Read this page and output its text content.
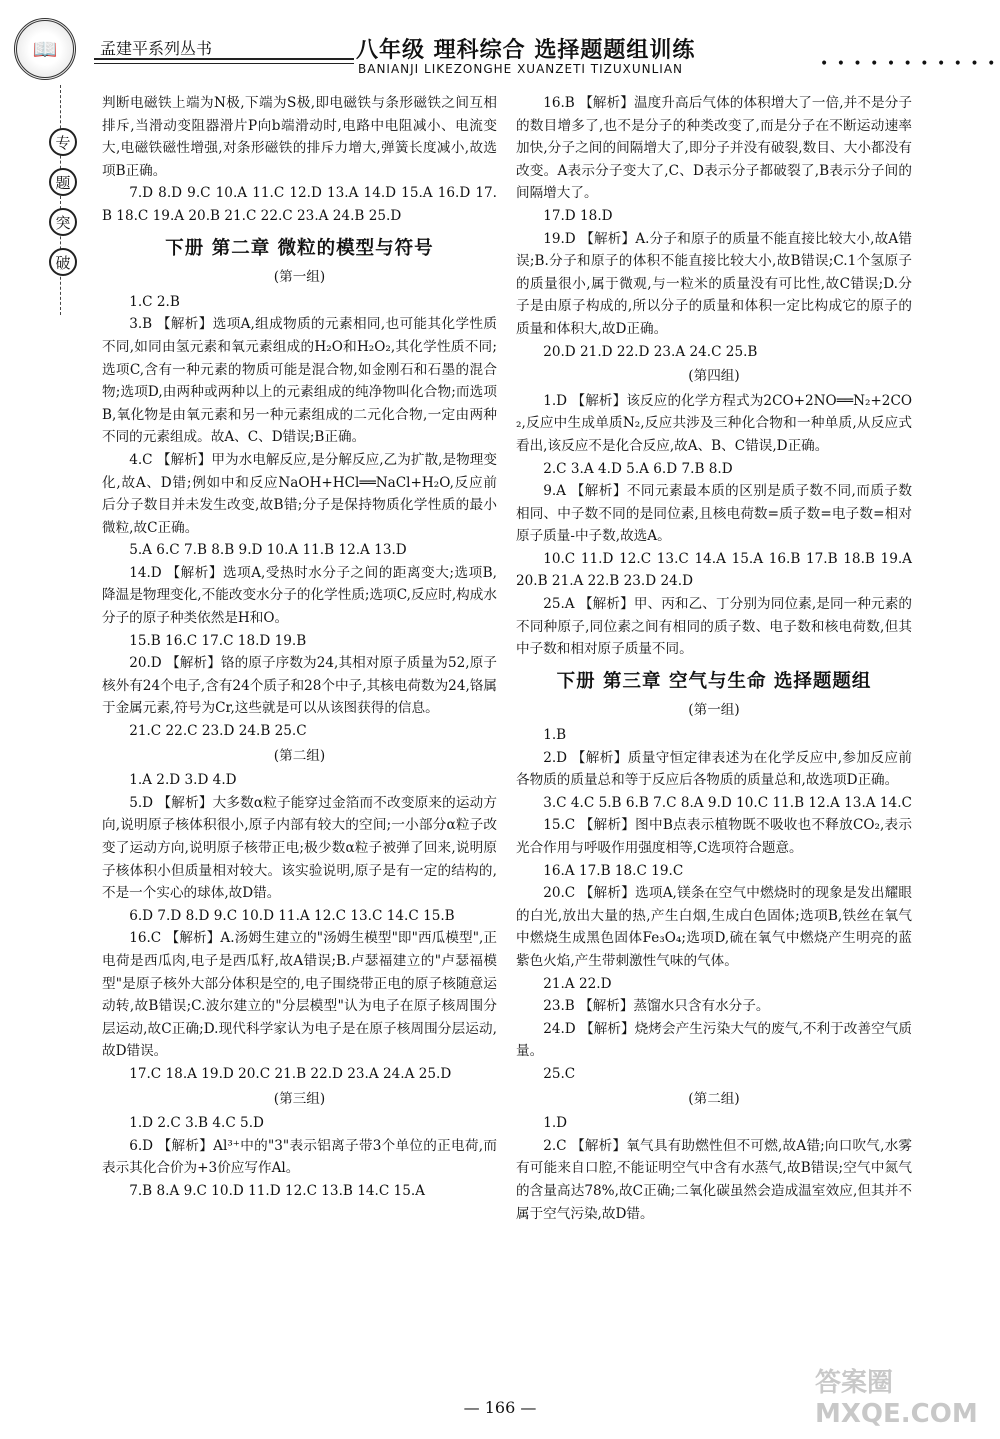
📖	孟建平系列丛书	八年级 理科综合 选择题题组训练
BANIANJI LIKEZONGHE XUANZETI TIZUXUNLIAN	• • • • • • • • • • •
专
题
突
破

判断电磁铁上端为N极,下端为S极,即电磁铁与条形磁铁之间互相排斥,当滑动变阻器滑片P向b端滑动时,电路中电阻减小、电流变大,电磁铁磁性增强,对条形磁铁的排斥力增大,弹簧长度减小,故选项B正确。

7.D 8.D 9.C 10.A 11.C 12.D 13.A 14.D 15.A 16.D 17.B 18.C 19.A 20.B 21.C 22.C 23.A 24.B 25.D

下册 第二章 微粒的模型与符号
(第一组)

1.C 2.B

3.B 【解析】选项A,组成物质的元素相同,也可能其化学性质不同,如同由氢元素和氧元素组成的H₂O和H₂O₂,其化学性质不同;选项C,含有一种元素的物质可能是混合物,如金刚石和石墨的混合物;选项D,由两种或两种以上的元素组成的纯净物叫化合物;而选项B,氧化物是由氧元素和另一种元素组成的二元化合物,一定由两种不同的元素组成。故A、C、D错误;B正确。

4.C 【解析】甲为水电解反应,是分解反应,乙为扩散,是物理变化,故A、D错;例如中和反应NaOH+HCl══NaCl+H₂O,反应前后分子数目并未发生改变,故B错;分子是保持物质化学性质的最小微粒,故C正确。

5.A 6.C 7.B 8.B 9.D 10.A 11.B 12.A 13.D

14.D 【解析】选项A,受热时水分子之间的距离变大;选项B,降温是物理变化,不能改变水分子的化学性质;选项C,反应时,构成水分子的原子种类依然是H和O。

15.B 16.C 17.C 18.D 19.B

20.D 【解析】铬的原子序数为24,其相对原子质量为52,原子核外有24个电子,含有24个质子和28个中子,其核电荷数为24,铬属于金属元素,符号为Cr,这些就是可以从该图获得的信息。

21.C 22.C 23.D 24.B 25.C

(第二组)

1.A 2.D 3.D 4.D

5.D 【解析】大多数α粒子能穿过金箔而不改变原来的运动方向,说明原子核体积很小,原子内部有较大的空间;一小部分α粒子改变了运动方向,说明原子核带正电;极少数α粒子被弹了回来,说明原子核体积小但质量相对较大。该实验说明,原子是有一定的结构的,不是一个实心的球体,故D错。

6.D 7.D 8.D 9.C 10.D 11.A 12.C 13.C 14.C 15.B

16.C 【解析】A.汤姆生建立的"汤姆生模型"即"西瓜模型",正电荷是西瓜肉,电子是西瓜籽,故A错误;B.卢瑟福建立的"卢瑟福模型"是原子核外大部分体积是空的,电子围绕带正电的原子核随意运动转,故B错误;C.波尔建立的"分层模型"认为电子在原子核周围分层运动,故C正确;D.现代科学家认为电子是在原子核周围分层运动,故D错误。

17.C 18.A 19.D 20.C 21.B 22.D 23.A 24.A 25.D

(第三组)

1.D 2.C 3.B 4.C 5.D

6.D 【解析】Al³⁺中的"3"表示铝离子带3个单位的正电荷,而表示其化合价为+3价应写作Al。

7.B 8.A 9.C 10.D 11.D 12.C 13.B 14.C 15.A

16.B 【解析】温度升高后气体的体积增大了一倍,并不是分子的数目增多了,也不是分子的种类改变了,而是分子在不断运动速率加快,分子之间的间隔增大了,即分子并没有破裂,数目、大小都没有改变。A表示分子变大了,C、D表示分子都破裂了,B表示分子间的间隔增大了。

17.D 18.D

19.D 【解析】A.分子和原子的质量不能直接比较大小,故A错误;B.分子和原子的体积不能直接比较大小,故B错误;C.1个氢原子的质量很小,属于微观,与一粒米的质量没有可比性,故C错误;D.分子是由原子构成的,所以分子的质量和体积一定比构成它的原子的质量和体积大,故D正确。

20.D 21.D 22.D 23.A 24.C 25.B

(第四组)

1.D 【解析】该反应的化学方程式为2CO+2NO══N₂+2CO₂,反应中生成单质N₂,反应共涉及三种化合物和一种单质,从反应式看出,该反应不是化合反应,故A、B、C错误,D正确。

2.C 3.A 4.D 5.A 6.D 7.B 8.D

9.A 【解析】不同元素最本质的区别是质子数不同,而质子数相同、中子数不同的是同位素,且核电荷数=质子数=电子数=相对原子质量-中子数,故选A。

10.C 11.D 12.C 13.C 14.A 15.A 16.B 17.B 18.B 19.A 20.B 21.A 22.B 23.D 24.D

25.A 【解析】甲、丙和乙、丁分别为同位素,是同一种元素的不同种原子,同位素之间有相同的质子数、电子数和核电荷数,但其中子数和相对原子质量不同。

下册 第三章 空气与生命 选择题题组
(第一组)

1.B

2.D 【解析】质量守恒定律表述为在化学反应中,参加反应前各物质的质量总和等于反应后各物质的质量总和,故选项D正确。

3.C 4.C 5.B 6.B 7.C 8.A 9.D 10.C 11.B 12.A 13.A 14.C

15.C 【解析】图中B点表示植物既不吸收也不释放CO₂,表示光合作用与呼吸作用强度相等,C选项符合题意。

16.A 17.B 18.C 19.C

20.C 【解析】选项A,镁条在空气中燃烧时的现象是发出耀眼的白光,放出大量的热,产生白烟,生成白色固体;选项B,铁丝在氧气中燃烧生成黑色固体Fe₃O₄;选项D,硫在氧气中燃烧产生明亮的蓝紫色火焰,产生带刺激性气味的气体。

21.A 22.D

23.B 【解析】蒸馏水只含有水分子。

24.D 【解析】烧烤会产生污染大气的废气,不利于改善空气质量。

25.C

(第二组)

1.D

2.C 【解析】氧气具有助燃性但不可燃,故A错;向口吹气,水雾有可能来自口腔,不能证明空气中含有水蒸气,故B错误;空气中氮气的含量高达78%,故C正确;二氧化碳虽然会造成温室效应,但其并不属于空气污染,故D错。

— 166 —
答案圈 MXQE.COM
